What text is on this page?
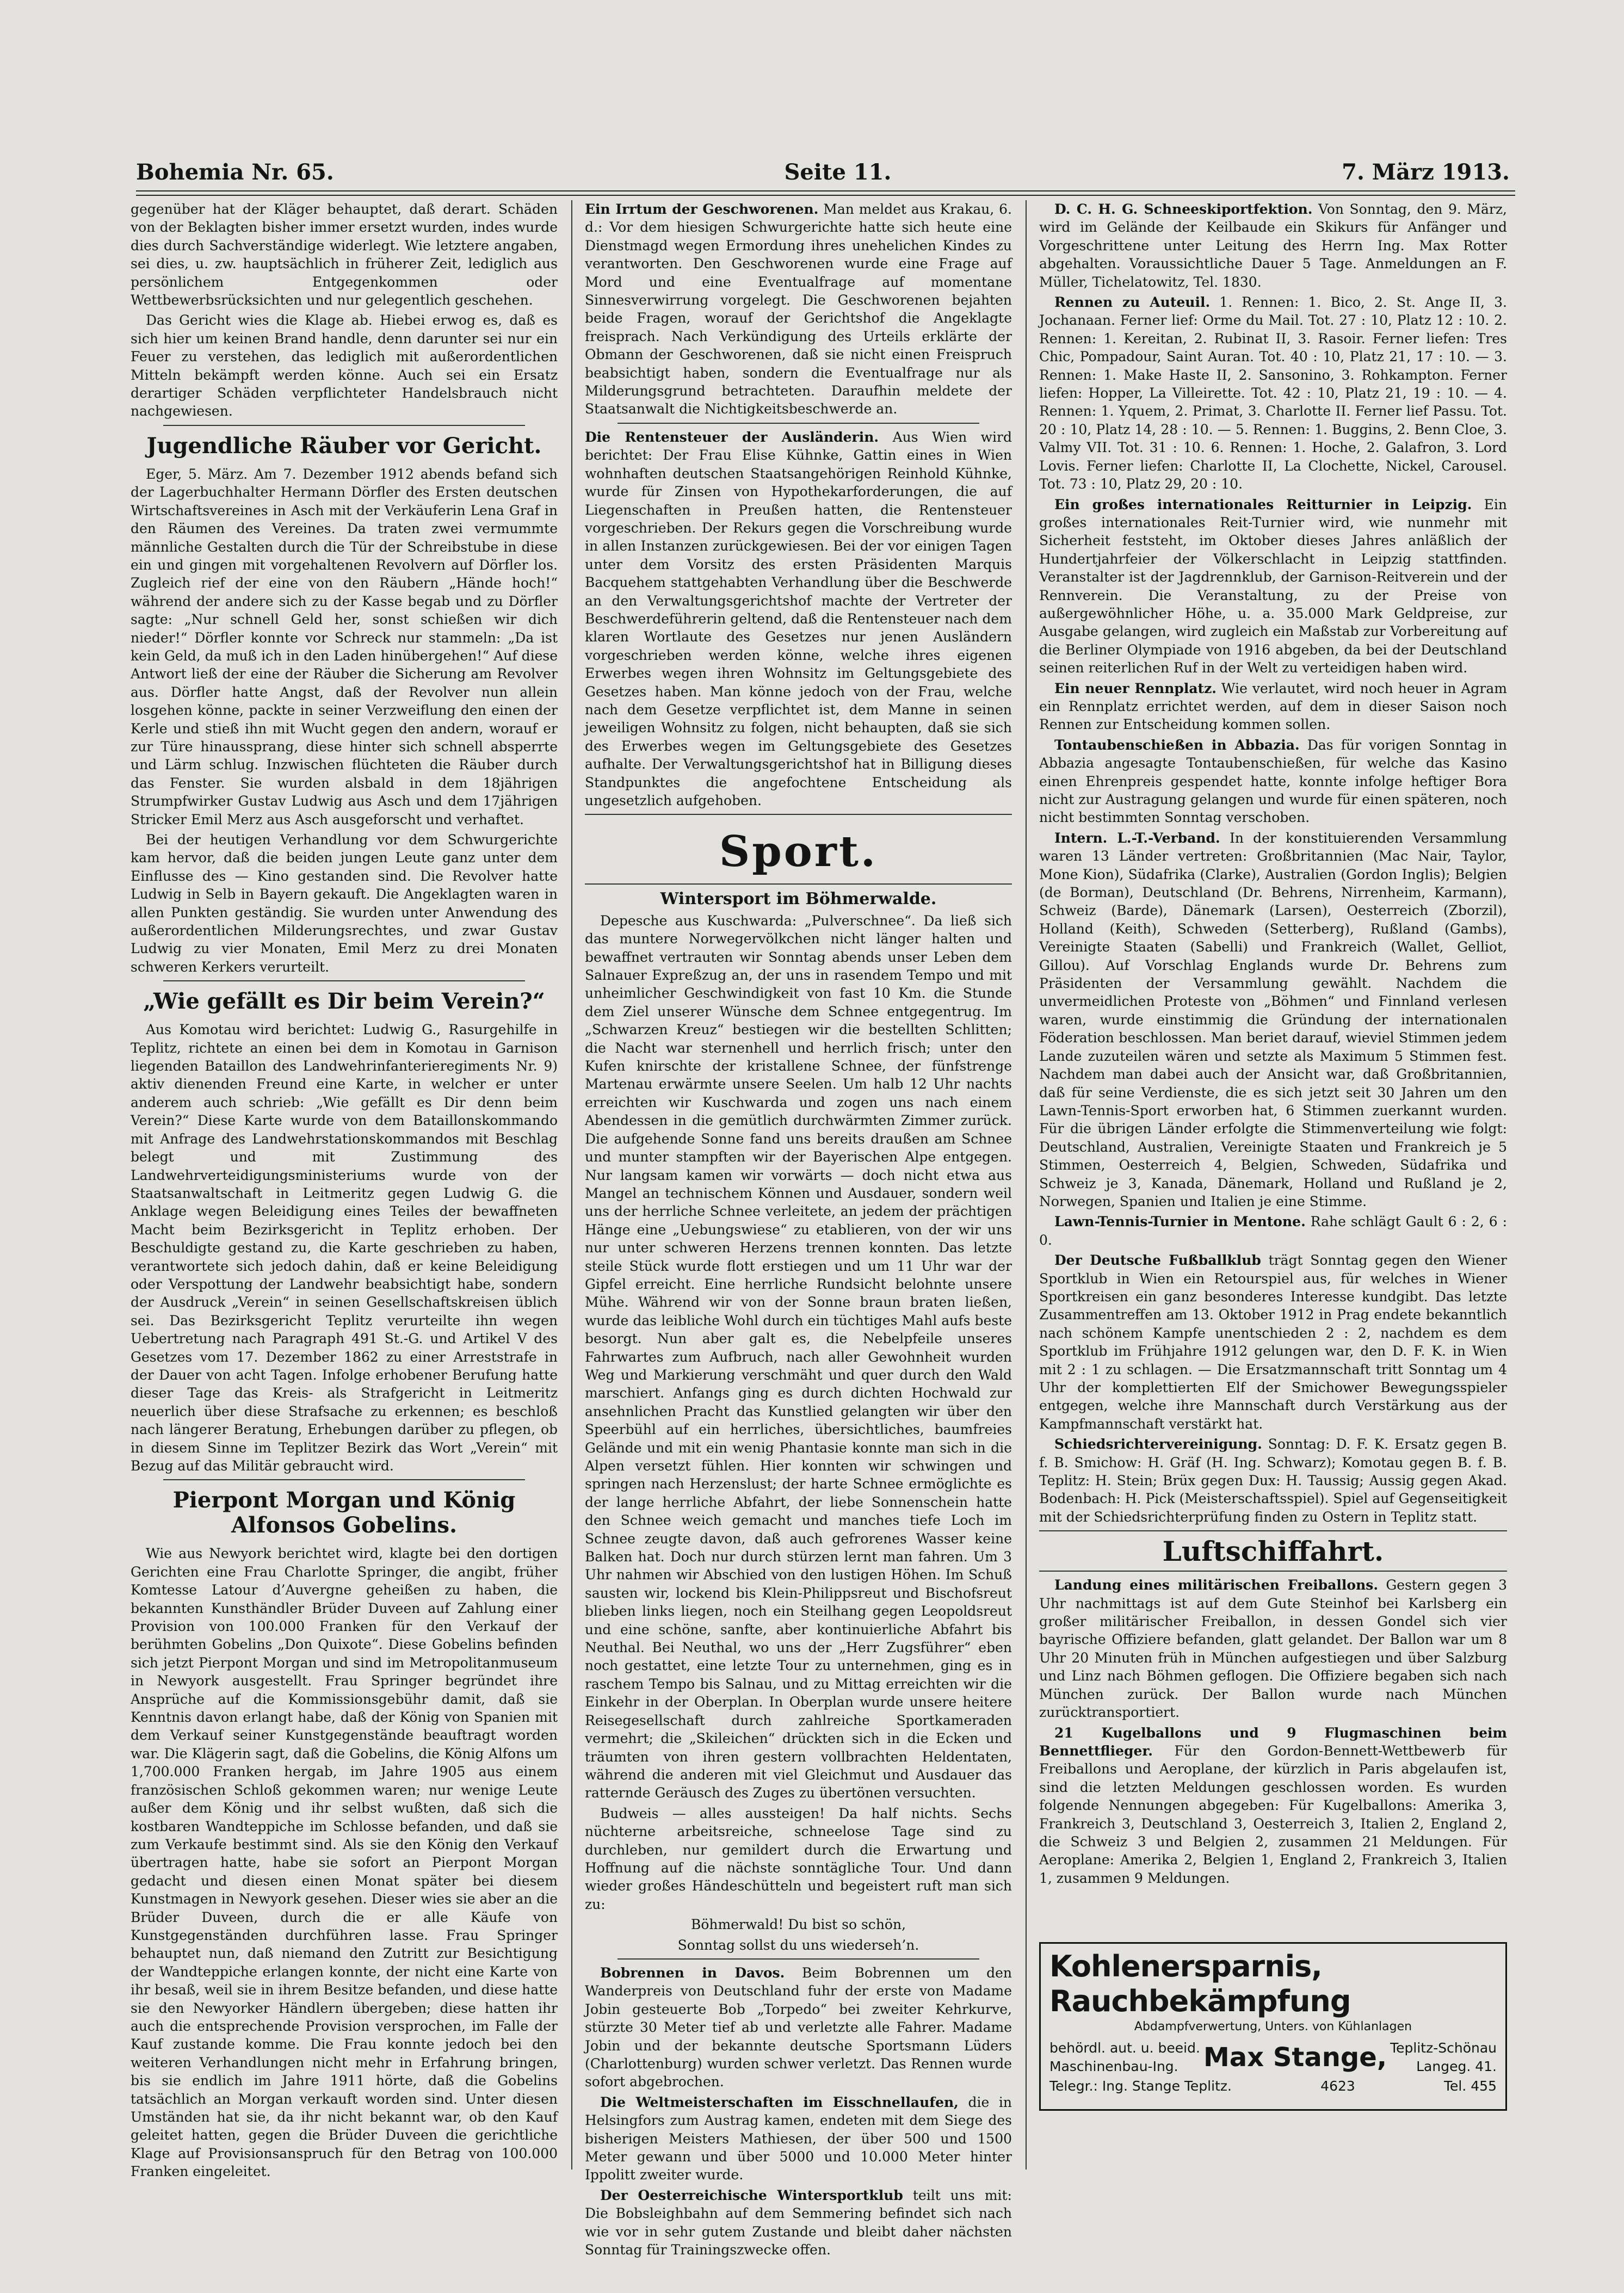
Bohemia Nr. 65.	Seite 11.	7. März 1913.

gegenüber hat der Kläger behauptet, daß derart. Schäden von der Beklagten bisher immer ersetzt wurden, indes wurde dies durch Sachverständige widerlegt. Wie letztere angaben, sei dies, u. zw. hauptsächlich in früherer Zeit, lediglich aus persönlichem Entgegenkommen oder Wettbewerbsrücksichten und nur gelegentlich geschehen.

Das Gericht wies die Klage ab. Hiebei erwog es, daß es sich hier um keinen Brand handle, denn darunter sei nur ein Feuer zu verstehen, das lediglich mit außerordentlichen Mitteln bekämpft werden könne. Auch sei ein Ersatz derartiger Schäden verpflichteter Handelsbrauch nicht nachgewiesen.

Jugendliche Räuber vor Gericht.

Eger, 5. März. Am 7. Dezember 1912 abends befand sich der Lagerbuchhalter Hermann Dörfler des Ersten deutschen Wirtschaftsvereines in Asch mit der Verkäuferin Lena Graf in den Räumen des Vereines. Da traten zwei vermummte männliche Gestalten durch die Tür der Schreibstube in diese ein und gingen mit vorgehaltenen Revolvern auf Dörfler los. Zugleich rief der eine von den Räubern „Hände hoch!“ während der andere sich zu der Kasse begab und zu Dörfler sagte: „Nur schnell Geld her, sonst schießen wir dich nieder!“ Dörfler konnte vor Schreck nur stammeln: „Da ist kein Geld, da muß ich in den Laden hinübergehen!“ Auf diese Antwort ließ der eine der Räuber die Sicherung am Revolver aus. Dörfler hatte Angst, daß der Revolver nun allein losgehen könne, packte in seiner Verzweiflung den einen der Kerle und stieß ihn mit Wucht gegen den andern, worauf er zur Türe hinaussprang, diese hinter sich schnell absperrte und Lärm schlug. Inzwischen flüchteten die Räuber durch das Fenster. Sie wurden alsbald in dem 18jährigen Strumpfwirker Gustav Ludwig aus Asch und dem 17jährigen Stricker Emil Merz aus Asch ausgeforscht und verhaftet.

Bei der heutigen Verhandlung vor dem Schwurgerichte kam hervor, daß die beiden jungen Leute ganz unter dem Einflusse des — Kino gestanden sind. Die Revolver hatte Ludwig in Selb in Bayern gekauft. Die Angeklagten waren in allen Punkten geständig. Sie wurden unter Anwendung des außerordentlichen Milderungsrechtes, und zwar Gustav Ludwig zu vier Monaten, Emil Merz zu drei Monaten schweren Kerkers verurteilt.

„Wie gefällt es Dir beim Verein?“

Aus Komotau wird berichtet: Ludwig G., Rasurgehilfe in Teplitz, richtete an einen bei dem in Komotau in Garnison liegenden Bataillon des Landwehrinfanterieregiments Nr. 9) aktiv dienenden Freund eine Karte, in welcher er unter anderem auch schrieb: „Wie gefällt es Dir denn beim Verein?“ Diese Karte wurde von dem Bataillonskommando mit Anfrage des Landwehrstationskommandos mit Beschlag belegt und mit Zustimmung des Landwehrverteidigungsministeriums wurde von der Staatsanwaltschaft in Leitmeritz gegen Ludwig G. die Anklage wegen Beleidigung eines Teiles der bewaffneten Macht beim Bezirksgericht in Teplitz erhoben. Der Beschuldigte gestand zu, die Karte geschrieben zu haben, verantwortete sich jedoch dahin, daß er keine Beleidigung oder Verspottung der Landwehr beabsichtigt habe, sondern der Ausdruck „Verein“ in seinen Gesellschaftskreisen üblich sei. Das Bezirksgericht Teplitz verurteilte ihn wegen Uebertretung nach Paragraph 491 St.-G. und Artikel V des Gesetzes vom 17. Dezember 1862 zu einer Arreststrafe in der Dauer von acht Tagen. Infolge erhobener Berufung hatte dieser Tage das Kreis- als Strafgericht in Leitmeritz neuerlich über diese Strafsache zu erkennen; es beschloß nach längerer Beratung, Erhebungen darüber zu pflegen, ob in diesem Sinne im Teplitzer Bezirk das Wort „Verein“ mit Bezug auf das Militär gebraucht wird.

Pierpont Morgan und König Alfonsos Gobelins.

Wie aus Newyork berichtet wird, klagte bei den dortigen Gerichten eine Frau Charlotte Springer, die angibt, früher Komtesse Latour d’Auvergne geheißen zu haben, die bekannten Kunsthändler Brüder Duveen auf Zahlung einer Provision von 100.000 Franken für den Verkauf der berühmten Gobelins „Don Quixote“. Diese Gobelins befinden sich jetzt Pierpont Morgan und sind im Metropolitanmuseum in Newyork ausgestellt. Frau Springer begründet ihre Ansprüche auf die Kommissionsgebühr damit, daß sie Kenntnis davon erlangt habe, daß der König von Spanien mit dem Verkauf seiner Kunstgegenstände beauftragt worden war. Die Klägerin sagt, daß die Gobelins, die König Alfons um 1,700.000 Franken hergab, im Jahre 1905 aus einem französischen Schloß gekommen waren; nur wenige Leute außer dem König und ihr selbst wußten, daß sich die kostbaren Wandteppiche im Schlosse befanden, und daß sie zum Verkaufe bestimmt sind. Als sie den König den Verkauf übertragen hatte, habe sie sofort an Pierpont Morgan gedacht und diesen einen Monat später bei diesem Kunstmagen in Newyork gesehen. Dieser wies sie aber an die Brüder Duveen, durch die er alle Käufe von Kunstgegenständen durchführen lasse. Frau Springer behauptet nun, daß niemand den Zutritt zur Besichtigung der Wandteppiche erlangen konnte, der nicht eine Karte von ihr besaß, weil sie in ihrem Besitze befanden, und diese hatte sie den Newyorker Händlern übergeben; diese hatten ihr auch die entsprechende Provision versprochen, im Falle der Kauf zustande komme. Die Frau konnte jedoch bei den weiteren Verhandlungen nicht mehr in Erfahrung bringen, bis sie endlich im Jahre 1911 hörte, daß die Gobelins tatsächlich an Morgan verkauft worden sind. Unter diesen Umständen hat sie, da ihr nicht bekannt war, ob den Kauf geleitet hatten, gegen die Brüder Duveen die gerichtliche Klage auf Provisionsanspruch für den Betrag von 100.000 Franken eingeleitet.

Ein Irrtum der Geschworenen. Man meldet aus Krakau, 6. d.: Vor dem hiesigen Schwurgerichte hatte sich heute eine Dienstmagd wegen Ermordung ihres unehelichen Kindes zu verantworten. Den Geschworenen wurde eine Frage auf Mord und eine Eventualfrage auf momentane Sinnesverwirrung vorgelegt. Die Geschworenen bejahten beide Fragen, worauf der Gerichtshof die Angeklagte freisprach. Nach Verkündigung des Urteils erklärte der Obmann der Geschworenen, daß sie nicht einen Freispruch beabsichtigt haben, sondern die Eventualfrage nur als Milderungsgrund betrachteten. Daraufhin meldete der Staatsanwalt die Nichtigkeitsbeschwerde an.

Die Rentensteuer der Ausländerin. Aus Wien wird berichtet: Der Frau Elise Kühnke, Gattin eines in Wien wohnhaften deutschen Staatsangehörigen Reinhold Kühnke, wurde für Zinsen von Hypothekarforderungen, die auf Liegenschaften in Preußen hatten, die Rentensteuer vorgeschrieben. Der Rekurs gegen die Vorschreibung wurde in allen Instanzen zurückgewiesen. Bei der vor einigen Tagen unter dem Vorsitz des ersten Präsidenten Marquis Bacquehem stattgehabten Verhandlung über die Beschwerde an den Verwaltungsgerichtshof machte der Vertreter der Beschwerdeführerin geltend, daß die Rentensteuer nach dem klaren Wortlaute des Gesetzes nur jenen Ausländern vorgeschrieben werden könne, welche ihres eigenen Erwerbes wegen ihren Wohnsitz im Geltungsgebiete des Gesetzes haben. Man könne jedoch von der Frau, welche nach dem Gesetze verpflichtet ist, dem Manne in seinen jeweiligen Wohnsitz zu folgen, nicht behaupten, daß sie sich des Erwerbes wegen im Geltungsgebiete des Gesetzes aufhalte. Der Verwaltungsgerichtshof hat in Billigung dieses Standpunktes die angefochtene Entscheidung als ungesetzlich aufgehoben.

Sport.
Wintersport im Böhmerwalde.

Depesche aus Kuschwarda: „Pulverschnee“. Da ließ sich das muntere Norwegervölkchen nicht länger halten und bewaffnet vertrauten wir Sonntag abends unser Leben dem Salnauer Expreßzug an, der uns in rasendem Tempo und mit unheimlicher Geschwindigkeit von fast 10 Km. die Stunde dem Ziel unserer Wünsche dem Schnee entgegentrug. Im „Schwarzen Kreuz“ bestiegen wir die bestellten Schlitten; die Nacht war sternenhell und herrlich frisch; unter den Kufen knirschte der kristallene Schnee, der fünfstrenge Martenau erwärmte unsere Seelen. Um halb 12 Uhr nachts erreichten wir Kuschwarda und zogen uns nach einem Abendessen in die gemütlich durchwärmten Zimmer zurück. Die aufgehende Sonne fand uns bereits draußen am Schnee und munter stampften wir der Bayerischen Alpe entgegen. Nur langsam kamen wir vorwärts — doch nicht etwa aus Mangel an technischem Können und Ausdauer, sondern weil uns der herrliche Schnee verleitete, an jedem der prächtigen Hänge eine „Uebungswiese“ zu etablieren, von der wir uns nur unter schweren Herzens trennen konnten. Das letzte steile Stück wurde flott erstiegen und um 11 Uhr war der Gipfel erreicht. Eine herrliche Rundsicht belohnte unsere Mühe. Während wir von der Sonne braun braten ließen, wurde das leibliche Wohl durch ein tüchtiges Mahl aufs beste besorgt. Nun aber galt es, die Nebelpfeile unseres Fahrwartes zum Aufbruch, nach aller Gewohnheit wurden Weg und Markierung verschmäht und quer durch den Wald marschiert. Anfangs ging es durch dichten Hochwald zur ansehnlichen Pracht das Kunstlied gelangten wir über den Speerbühl auf ein herrliches, übersichtliches, baumfreies Gelände und mit ein wenig Phantasie konnte man sich in die Alpen versetzt fühlen. Hier konnten wir schwingen und springen nach Herzenslust; der harte Schnee ermöglichte es der lange herrliche Abfahrt, der liebe Sonnenschein hatte den Schnee weich gemacht und manches tiefe Loch im Schnee zeugte davon, daß auch gefrorenes Wasser keine Balken hat. Doch nur durch stürzen lernt man fahren. Um 3 Uhr nahmen wir Abschied von den lustigen Höhen. Im Schuß sausten wir, lockend bis Klein-Philippsreut und Bischofsreut blieben links liegen, noch ein Steilhang gegen Leopoldsreut und eine schöne, sanfte, aber kontinuierliche Abfahrt bis Neuthal. Bei Neuthal, wo uns der „Herr Zugsführer“ eben noch gestattet, eine letzte Tour zu unternehmen, ging es in raschem Tempo bis Salnau, und zu Mittag erreichten wir die Einkehr in der Oberplan. In Oberplan wurde unsere heitere Reisegesellschaft durch zahlreiche Sportkameraden vermehrt; die „Skileichen“ drückten sich in die Ecken und träumten von ihren gestern vollbrachten Heldentaten, während die anderen mit viel Gleichmut und Ausdauer das ratternde Geräusch des Zuges zu übertönen versuchten.

Budweis — alles aussteigen! Da half nichts. Sechs nüchterne arbeitsreiche, schneelose Tage sind zu durchleben, nur gemildert durch die Erwartung und Hoffnung auf die nächste sonntägliche Tour. Und dann wieder großes Händeschütteln und begeistert ruft man sich zu:

Böhmerwald! Du bist so schön,

Sonntag sollst du uns wiederseh’n.

Bobrennen in Davos. Beim Bobrennen um den Wanderpreis von Deutschland fuhr der erste von Madame Jobin gesteuerte Bob „Torpedo“ bei zweiter Kehrkurve, stürzte 30 Meter tief ab und verletzte alle Fahrer. Madame Jobin und der bekannte deutsche Sportsmann Lüders (Charlottenburg) wurden schwer verletzt. Das Rennen wurde sofort abgebrochen.

Die Weltmeisterschaften im Eisschnellaufen, die in Helsingfors zum Austrag kamen, endeten mit dem Siege des bisherigen Meisters Mathiesen, der über 500 und 1500 Meter gewann und über 5000 und 10.000 Meter hinter Ippolitt zweiter wurde.

Der Oesterreichische Wintersportklub teilt uns mit: Die Bobsleighbahn auf dem Semmering befindet sich nach wie vor in sehr gutem Zustande und bleibt daher nächsten Sonntag für Trainingszwecke offen.

D. C. H. G. Schneeskiportfektion. Von Sonntag, den 9. März, wird im Gelände der Keilbaude ein Skikurs für Anfänger und Vorgeschrittene unter Leitung des Herrn Ing. Max Rotter abgehalten. Voraussichtliche Dauer 5 Tage. Anmeldungen an F. Müller, Tichelatowitz, Tel. 1830.

Rennen zu Auteuil. 1. Rennen: 1. Bico, 2. St. Ange II, 3. Jochanaan. Ferner lief: Orme du Mail. Tot. 27 : 10, Platz 12 : 10. 2. Rennen: 1. Kereitan, 2. Rubinat II, 3. Rasoir. Ferner liefen: Tres Chic, Pompadour, Saint Auran. Tot. 40 : 10, Platz 21, 17 : 10. — 3. Rennen: 1. Make Haste II, 2. Sansonino, 3. Rohkampton. Ferner liefen: Hopper, La Villeirette. Tot. 42 : 10, Platz 21, 19 : 10. — 4. Rennen: 1. Yquem, 2. Primat, 3. Charlotte II. Ferner lief Passu. Tot. 20 : 10, Platz 14, 28 : 10. — 5. Rennen: 1. Buggins, 2. Benn Cloe, 3. Valmy VII. Tot. 31 : 10. 6. Rennen: 1. Hoche, 2. Galafron, 3. Lord Lovis. Ferner liefen: Charlotte II, La Clochette, Nickel, Carousel. Tot. 73 : 10, Platz 29, 20 : 10.

Ein großes internationales Reitturnier in Leipzig. Ein großes internationales Reit-Turnier wird, wie nunmehr mit Sicherheit feststeht, im Oktober dieses Jahres anläßlich der Hundertjahrfeier der Völkerschlacht in Leipzig stattfinden. Veranstalter ist der Jagdrennklub, der Garnison-Reitverein und der Rennverein. Die Veranstaltung, zu der Preise von außergewöhnlicher Höhe, u. a. 35.000 Mark Geldpreise, zur Ausgabe gelangen, wird zugleich ein Maßstab zur Vorbereitung auf die Berliner Olympiade von 1916 abgeben, da bei der Deutschland seinen reiterlichen Ruf in der Welt zu verteidigen haben wird.

Ein neuer Rennplatz. Wie verlautet, wird noch heuer in Agram ein Rennplatz errichtet werden, auf dem in dieser Saison noch Rennen zur Entscheidung kommen sollen.

Tontaubenschießen in Abbazia. Das für vorigen Sonntag in Abbazia angesagte Tontaubenschießen, für welche das Kasino einen Ehrenpreis gespendet hatte, konnte infolge heftiger Bora nicht zur Austragung gelangen und wurde für einen späteren, noch nicht bestimmten Sonntag verschoben.

Intern. L.-T.-Verband. In der konstituierenden Versammlung waren 13 Länder vertreten: Großbritannien (Mac Nair, Taylor, Mone Kion), Südafrika (Clarke), Australien (Gordon Inglis); Belgien (de Borman), Deutschland (Dr. Behrens, Nirrenheim, Karmann), Schweiz (Barde), Dänemark (Larsen), Oesterreich (Zborzil), Holland (Keith), Schweden (Setterberg), Rußland (Gambs), Vereinigte Staaten (Sabelli) und Frankreich (Wallet, Gelliot, Gillou). Auf Vorschlag Englands wurde Dr. Behrens zum Präsidenten der Versammlung gewählt. Nachdem die unvermeidlichen Proteste von „Böhmen“ und Finnland verlesen waren, wurde einstimmig die Gründung der internationalen Föderation beschlossen. Man beriet darauf, wieviel Stimmen jedem Lande zuzuteilen wären und setzte als Maximum 5 Stimmen fest. Nachdem man dabei auch der Ansicht war, daß Großbritannien, daß für seine Verdienste, die es sich jetzt seit 30 Jahren um den Lawn-Tennis-Sport erworben hat, 6 Stimmen zuerkannt wurden. Für die übrigen Länder erfolgte die Stimmenverteilung wie folgt: Deutschland, Australien, Vereinigte Staaten und Frankreich je 5 Stimmen, Oesterreich 4, Belgien, Schweden, Südafrika und Schweiz je 3, Kanada, Dänemark, Holland und Rußland je 2, Norwegen, Spanien und Italien je eine Stimme.

Lawn-Tennis-Turnier in Mentone. Rahe schlägt Gault 6 : 2, 6 : 0.

Der Deutsche Fußballklub trägt Sonntag gegen den Wiener Sportklub in Wien ein Retourspiel aus, für welches in Wiener Sportkreisen ein ganz besonderes Interesse kundgibt. Das letzte Zusammentreffen am 13. Oktober 1912 in Prag endete bekanntlich nach schönem Kampfe unentschieden 2 : 2, nachdem es dem Sportklub im Frühjahre 1912 gelungen war, den D. F. K. in Wien mit 2 : 1 zu schlagen. — Die Ersatzmannschaft tritt Sonntag um 4 Uhr der komplettierten Elf der Smichower Bewegungsspieler entgegen, welche ihre Mannschaft durch Verstärkung aus der Kampfmannschaft verstärkt hat.

Schiedsrichtervereinigung. Sonntag: D. F. K. Ersatz gegen B. f. B. Smichow: H. Gräf (H. Ing. Schwarz); Komotau gegen B. f. B. Teplitz: H. Stein; Brüx gegen Dux: H. Taussig; Aussig gegen Akad. Bodenbach: H. Pick (Meisterschaftsspiel). Spiel auf Gegenseitigkeit mit der Schiedsrichterprüfung finden zu Ostern in Teplitz statt.

Luftschiffahrt.

Landung eines militärischen Freiballons. Gestern gegen 3 Uhr nachmittags ist auf dem Gute Steinhof bei Karlsberg ein großer militärischer Freiballon, in dessen Gondel sich vier bayrische Offiziere befanden, glatt gelandet. Der Ballon war um 8 Uhr 20 Minuten früh in München aufgestiegen und über Salzburg und Linz nach Böhmen geflogen. Die Offiziere begaben sich nach München zurück. Der Ballon wurde nach München zurücktransportiert.

21 Kugelballons und 9 Flugmaschinen beim Bennettflieger. Für den Gordon-Bennett-Wettbewerb für Freiballons und Aeroplane, der kürzlich in Paris abgelaufen ist, sind die letzten Meldungen geschlossen worden. Es wurden folgende Nennungen abgegeben: Für Kugelballons: Amerika 3, Frankreich 3, Deutschland 3, Oesterreich 3, Italien 2, England 2, die Schweiz 3 und Belgien 2, zusammen 21 Meldungen. Für Aeroplane: Amerika 2, Belgien 1, England 2, Frankreich 3, Italien 1, zusammen 9 Meldungen.

Kohlenersparnis, Rauchbekämpfung
Abdampfverwertung, Unters. von Kühlanlagen
behördl. aut. u. beeid.
Maschinenbau-Ing. Max Stange, Teplitz-Schönau
Langeg. 41.
Telegr.: Ing. Stange Teplitz.	4623	Tel. 455
